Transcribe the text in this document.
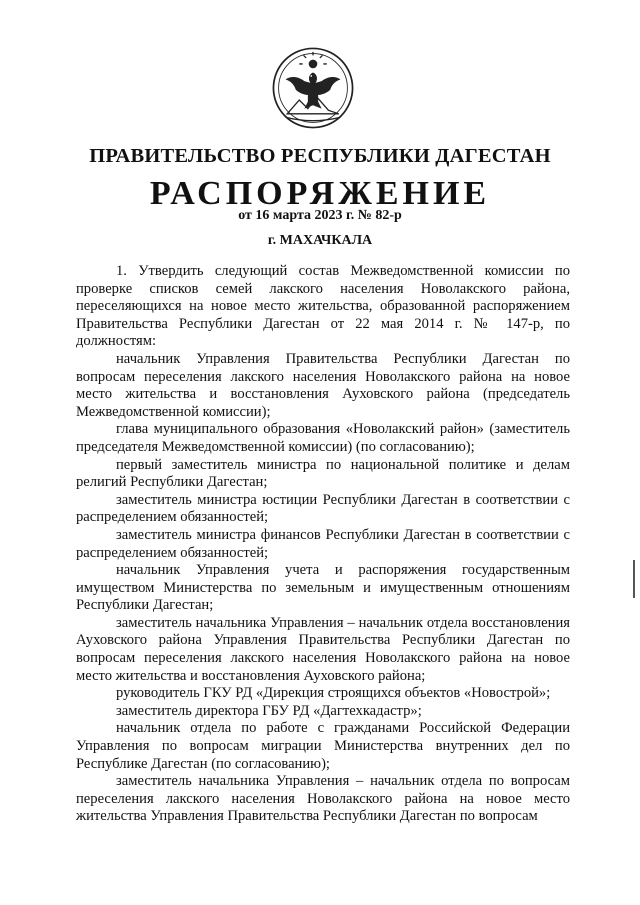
ПРАВИТЕЛЬСТВО РЕСПУБЛИКИ ДАГЕСТАН
РАСПОРЯЖЕНИЕ
от 16 марта 2023 г. № 82-р
г. МАХАЧКАЛА

1. Утвердить следующий состав Межведомственной комиссии по проверке списков семей лакского населения Новолакского района, переселяющихся на новое место жительства, образованной распоряжением Правительства Республики Дагестан от 22 мая 2014 г. № 147-р, по должностям:

начальник Управления Правительства Республики Дагестан по вопросам переселения лакского населения Новолакского района на новое место жительства и восстановления Ауховского района (председатель Межведомственной комиссии);

глава муниципального образования «Новолакский район» (заместитель председателя Межведомственной комиссии) (по согласованию);

первый заместитель министра по национальной политике и делам религий Республики Дагестан;

заместитель министра юстиции Республики Дагестан в соответствии с распределением обязанностей;

заместитель министра финансов Республики Дагестан в соответствии с распределением обязанностей;

начальник Управления учета и распоряжения государственным имуществом Министерства по земельным и имущественным отношениям Республики Дагестан;

заместитель начальника Управления – начальник отдела восстановления Ауховского района Управления Правительства Республики Дагестан по вопросам переселения лакского населения Новолакского района на новое место жительства и восстановления Ауховского района;

руководитель ГКУ РД «Дирекция строящихся объектов «Новострой»;

заместитель директора ГБУ РД «Дагтехкадастр»;

начальник отдела по работе с гражданами Российской Федерации Управления по вопросам миграции Министерства внутренних дел по Республике Дагестан (по согласованию);

заместитель начальника Управления – начальник отдела по вопросам переселения лакского населения Новолакского района на новое место жительства Управления Правительства Республики Дагестан по вопросам
